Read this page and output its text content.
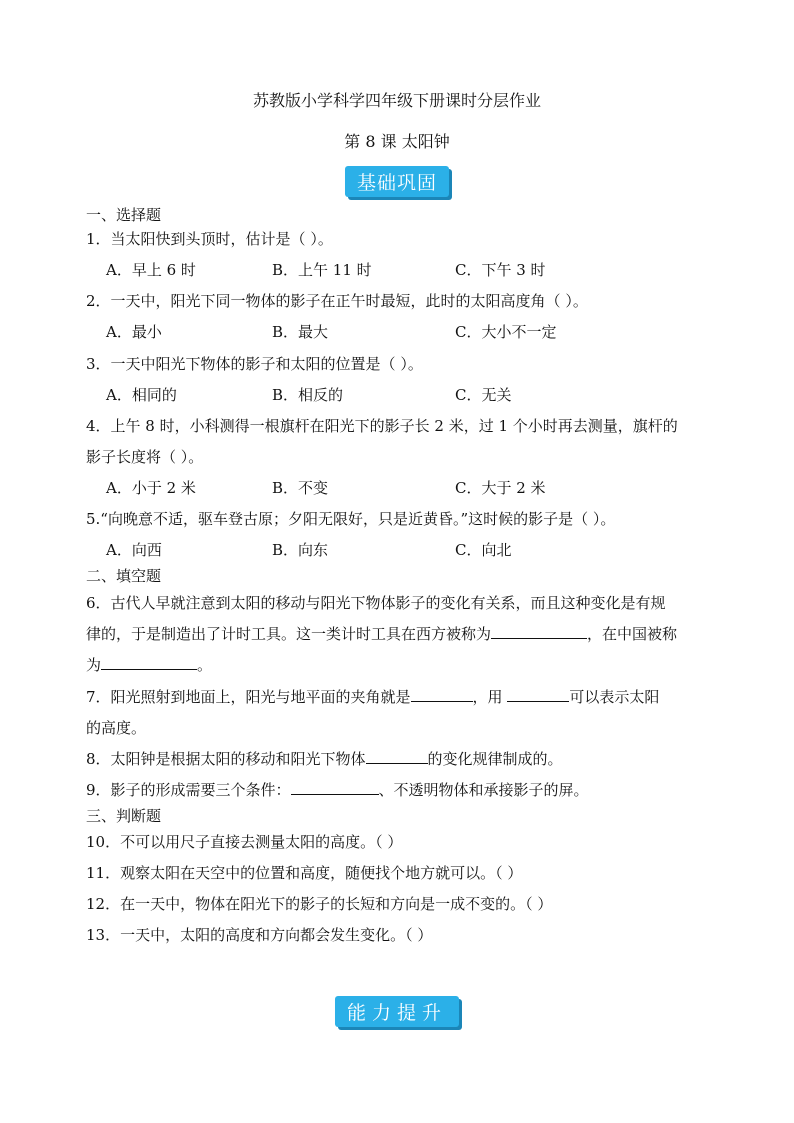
苏教版小学科学四年级下册课时分层作业
第 8 课 太阳钟
基础巩固
一、选择题
1．当太阳快到头顶时，估计是（ ）。
A．早上 6 时	B．上午 11 时	C．下午 3 时
2．一天中，阳光下同一物体的影子在正午时最短，此时的太阳高度角（ ）。
A．最小	B．最大	C．大小不一定
3．一天中阳光下物体的影子和太阳的位置是（ ）。
A．相同的	B．相反的	C．无关
4．上午 8 时，小科测得一根旗杆在阳光下的影子长 2 米，过 1 个小时再去测量，旗杆的
影子长度将（ ）。
A．小于 2 米	B．不变	C．大于 2 米
5.“向晚意不适，驱车登古原；夕阳无限好，只是近黄昏。”这时候的影子是（ ）。
A．向西	B．向东	C．向北
二、填空题
6．古代人早就注意到太阳的移动与阳光下物体影子的变化有关系，而且这种变化是有规
律的，于是制造出了计时工具。这一类计时工具在西方被称为	，在中国被称
为	。
7．阳光照射到地面上，阳光与地平面的夹角就是	，用	可以表示太阳
的高度。
8．太阳钟是根据太阳的移动和阳光下物体	的变化规律制成的。
9．影子的形成需要三个条件：	、不透明物体和承接影子的屏。
三、判断题
10．不可以用尺子直接去测量太阳的高度。（ ）
11．观察太阳在天空中的位置和高度，随便找个地方就可以。（ ）
12．在一天中，物体在阳光下的影子的长短和方向是一成不变的。（ ）
13．一天中，太阳的高度和方向都会发生变化。（ ）
能力提升
